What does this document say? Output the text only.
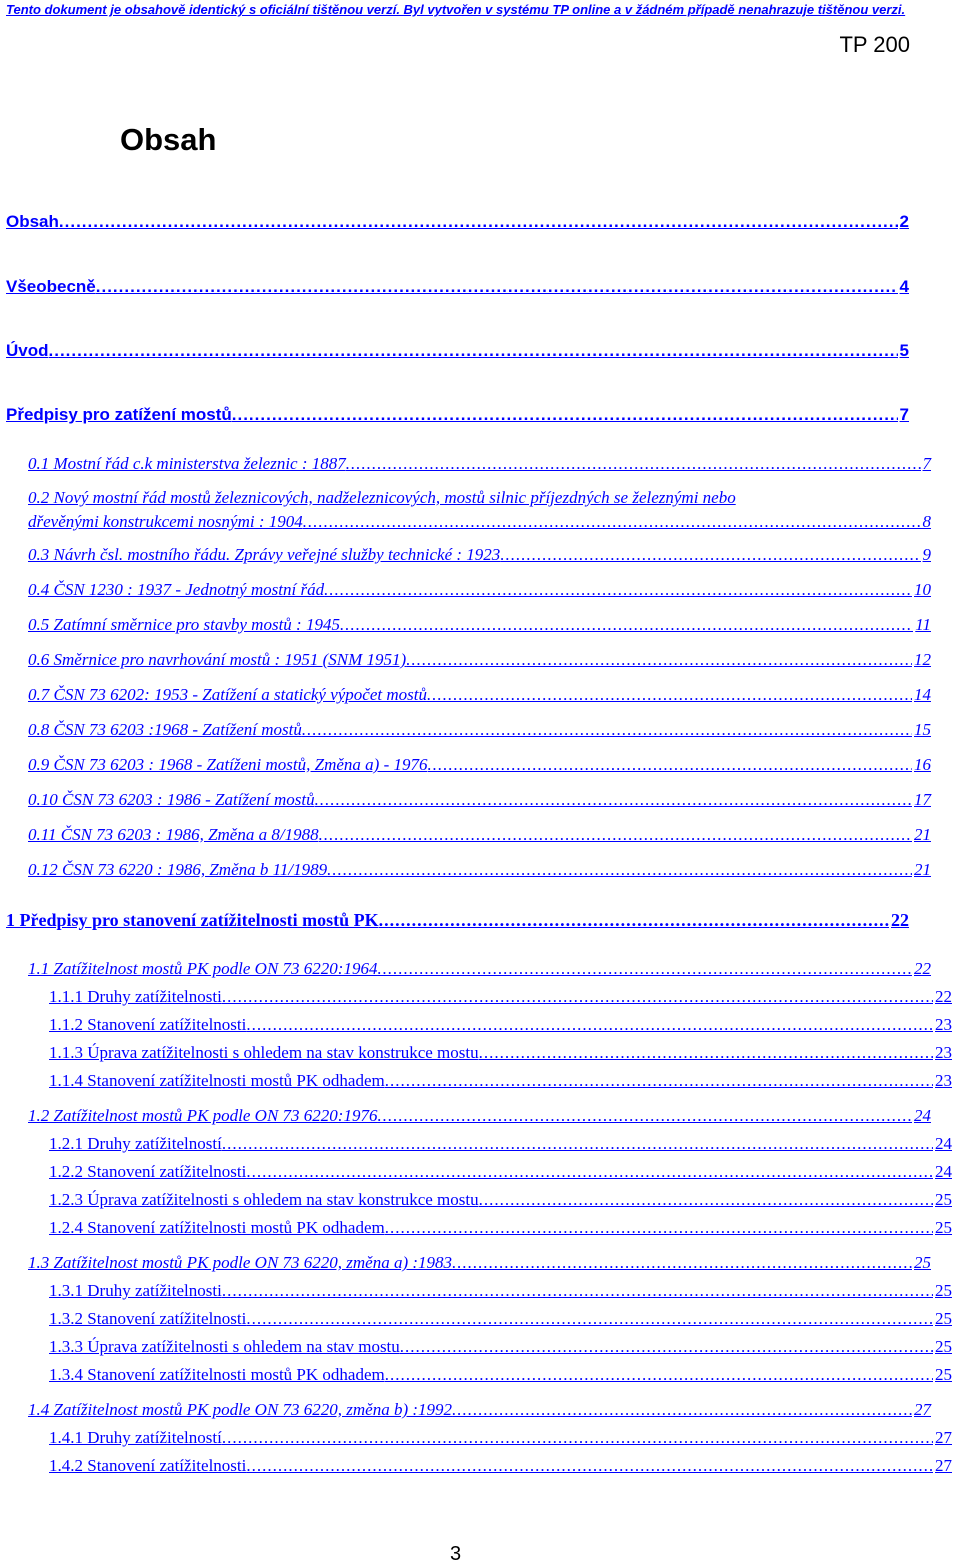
Tento dokument je obsahově identický s oficiální tištěnou verzí. Byl vytvořen v systému TP online a v žádném případě nenahrazuje tištěnou verzi.
TP 200
Obsah
Obsah .....	2
Všeobecně .....	4
Úvod .....	5
Předpisy pro zatížení mostů .....	7
0.1 Mostní řád c.k ministerstva železnic : 1887 .....	7
0.2 Nový mostní řád mostů železnicových, nadželeznicových, mostů silnic příjezdných se železnými nebo
dřevěnými konstrukcemi nosnými : 1904 .....	8
0.3 Návrh čsl. mostního řádu. Zprávy veřejné služby technické : 1923 .....	9
0.4 ČSN 1230 : 1937 - Jednotný mostní řád .....	10
0.5 Zatímní směrnice pro stavby mostů : 1945 .....	11
0.6 Směrnice pro navrhování mostů : 1951 (SNM 1951) .....	12
0.7 ČSN 73 6202: 1953 - Zatížení a statický výpočet mostů .....	14
0.8 ČSN 73 6203 :1968 - Zatížení mostů .....	15
0.9 ČSN 73 6203 : 1968 - Zatíženi mostů, Změna a) - 1976 .....	16
0.10 ČSN 73 6203 : 1986 - Zatížení mostů .....	17
0.11 ČSN 73 6203 : 1986, Změna a 8/1988 .....	21
0.12 ČSN 73 6220 : 1986, Změna b 11/1989 .....	21
1 Předpisy pro stanovení zatížitelnosti mostů PK .....	22
1.1 Zatížitelnost mostů PK podle ON 73 6220:1964 .....	22
1.1.1 Druhy zatížitelnosti .....	22
1.1.2 Stanovení zatížitelnosti .....	23
1.1.3 Úprava zatížitelnosti s ohledem na stav konstrukce mostu .....	23
1.1.4 Stanovení zatížitelnosti mostů PK odhadem .....	23
1.2 Zatížitelnost mostů PK podle ON 73 6220:1976 .....	24
1.2.1 Druhy zatížitelností .....	24
1.2.2 Stanovení zatížitelnosti .....	24
1.2.3 Úprava zatížitelnosti s ohledem na stav konstrukce mostu .....	25
1.2.4 Stanovení zatížitelnosti mostů PK odhadem .....	25
1.3 Zatížitelnost mostů PK podle ON 73 6220, změna a) :1983 .....	25
1.3.1 Druhy zatížitelnosti .....	25
1.3.2 Stanovení zatížitelnosti .....	25
1.3.3 Úprava zatížitelnosti s ohledem na stav mostu .....	25
1.3.4 Stanovení zatížitelnosti mostů PK odhadem .....	25
1.4 Zatížitelnost mostů PK podle ON 73 6220, změna b) :1992 .....	27
1.4.1 Druhy zatížitelností .....	27
1.4.2 Stanovení zatížitelnosti .....	27
3
